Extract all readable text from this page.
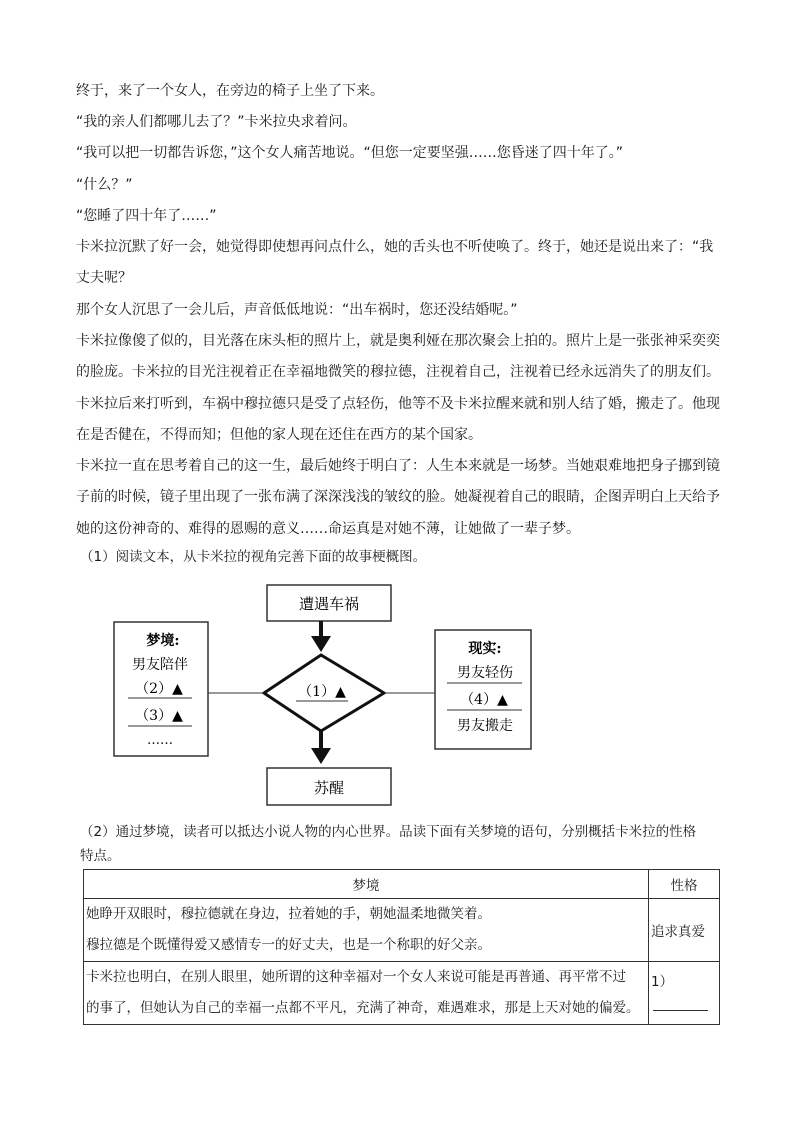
终于，来了一个女人，在旁边的椅子上坐了下来。

“我的亲人们都哪儿去了？”卡米拉央求着问。

“我可以把一切都告诉您，”这个女人痛苦地说。“但您一定要坚强……您昏迷了四十年了。”

“什么？”

“您睡了四十年了……”

卡米拉沉默了好一会，她觉得即使想再问点什么，她的舌头也不听使唤了。终于，她还是说出来了：“我

丈夫呢？

那个女人沉思了一会儿后，声音低低地说：“出车祸时，您还没结婚呢。”

卡米拉像傻了似的，目光落在床头柜的照片上，就是奥利娅在那次聚会上拍的。照片上是一张张神采奕奕

的脸庞。卡米拉的目光注视着正在幸福地微笑的穆拉德，注视着自己，注视着已经永远消失了的朋友们。

卡米拉后来打听到，车祸中穆拉德只是受了点轻伤，他等不及卡米拉醒来就和别人结了婚，搬走了。他现

在是否健在，不得而知；但他的家人现在还住在西方的某个国家。

卡米拉一直在思考着自己的这一生，最后她终于明白了：人生本来就是一场梦。当她艰难地把身子挪到镜

子前的时候，镜子里出现了一张布满了深深浅浅的皱纹的脸。她凝视着自己的眼睛，企图弄明白上天给予

她的这份神奇的、难得的恩赐的意义……命运真是对她不薄，让她做了一辈子梦。

（1）阅读文本，从卡米拉的视角完善下面的故事梗概图。

遭遇车祸
（1）▲
苏醒
梦境:
男友陪伴
（2）▲
（3）▲
……
现实:
男友轻伤
（4）▲
男友搬走

（2）通过梦境，读者可以抵达小说人物的内心世界。品读下面有关梦境的语句，分别概括卡米拉的性格

特点。

梦境	性格

她睁开双眼时，穆拉德就在身边，拉着她的手，朝她温柔地微笑着。
穆拉德是个既懂得爱又感情专一的好丈夫，也是一个称职的好父亲。	追求真爱

卡米拉也明白，在别人眼里，她所谓的这种幸福对一个女人来说可能是再普通、再平常不过
的事了，但她认为自己的幸福一点都不平凡，充满了神奇，难遇难求，那是上天对她的偏爱。	1）
